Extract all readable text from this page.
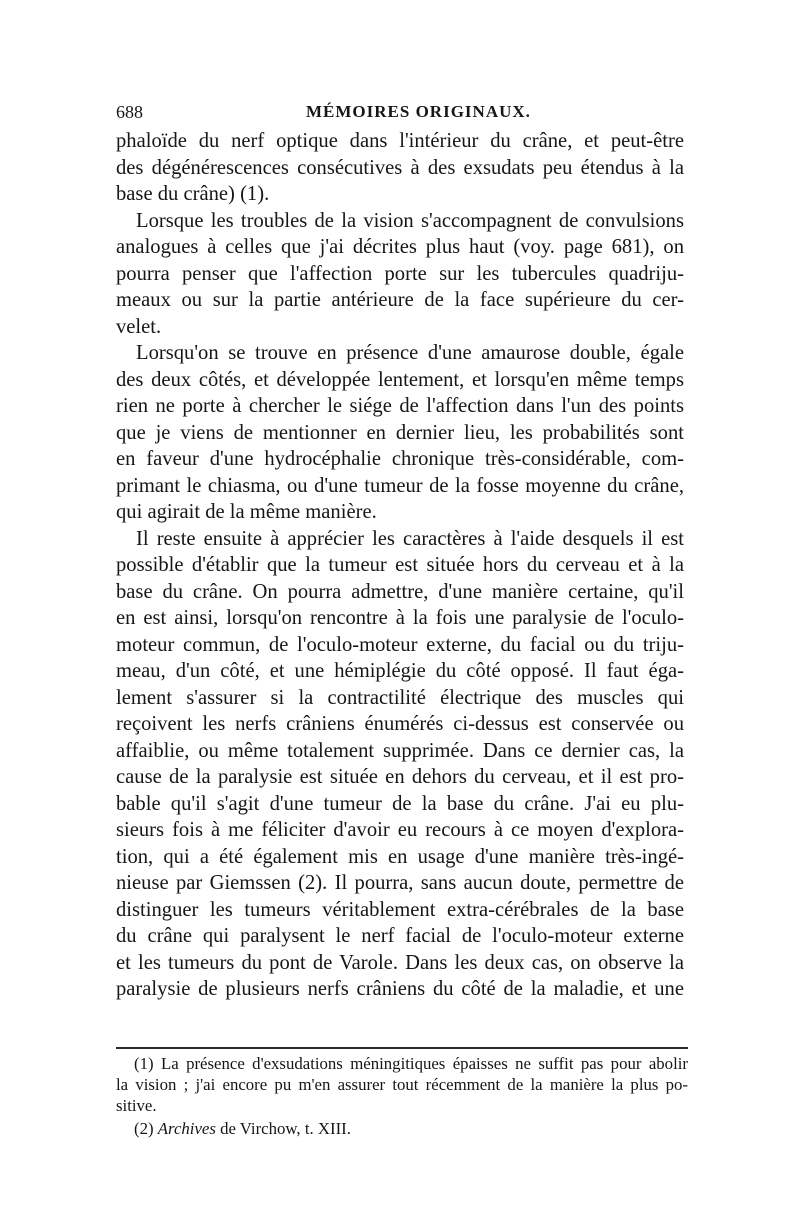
688	MÉMOIRES ORIGINAUX.

phaloïde du nerf optique dans l'intérieur du crâne, et peut-être
des dégénérescences consécutives à des exsudats peu étendus à la
base du crâne) (1).

Lorsque les troubles de la vision s'accompagnent de convulsions
analogues à celles que j'ai décrites plus haut (voy. page 681), on
pourra penser que l'affection porte sur les tubercules quadriju-
meaux ou sur la partie antérieure de la face supérieure du cer-
velet.

Lorsqu'on se trouve en présence d'une amaurose double, égale
des deux côtés, et développée lentement, et lorsqu'en même temps
rien ne porte à chercher le siége de l'affection dans l'un des points
que je viens de mentionner en dernier lieu, les probabilités sont
en faveur d'une hydrocéphalie chronique très-considérable, com-
primant le chiasma, ou d'une tumeur de la fosse moyenne du crâne,
qui agirait de la même manière.

Il reste ensuite à apprécier les caractères à l'aide desquels il est
possible d'établir que la tumeur est située hors du cerveau et à la
base du crâne. On pourra admettre, d'une manière certaine, qu'il
en est ainsi, lorsqu'on rencontre à la fois une paralysie de l'oculo-
moteur commun, de l'oculo-moteur externe, du facial ou du triju-
meau, d'un côté, et une hémiplégie du côté opposé. Il faut éga-
lement s'assurer si la contractilité électrique des muscles qui
reçoivent les nerfs crâniens énumérés ci-dessus est conservée ou
affaiblie, ou même totalement supprimée. Dans ce dernier cas, la
cause de la paralysie est située en dehors du cerveau, et il est pro-
bable qu'il s'agit d'une tumeur de la base du crâne. J'ai eu plu-
sieurs fois à me féliciter d'avoir eu recours à ce moyen d'explora-
tion, qui a été également mis en usage d'une manière très-ingé-
nieuse par Giemssen (2). Il pourra, sans aucun doute, permettre de
distinguer les tumeurs véritablement extra-cérébrales de la base
du crâne qui paralysent le nerf facial de l'oculo-moteur externe
et les tumeurs du pont de Varole. Dans les deux cas, on observe la
paralysie de plusieurs nerfs crâniens du côté de la maladie, et une

(1) La présence d'exsudations méningitiques épaisses ne suffit pas pour abolir
la vision ; j'ai encore pu m'en assurer tout récemment de la manière la plus po-
sitive.

(2) Archives de Virchow, t. XIII.
